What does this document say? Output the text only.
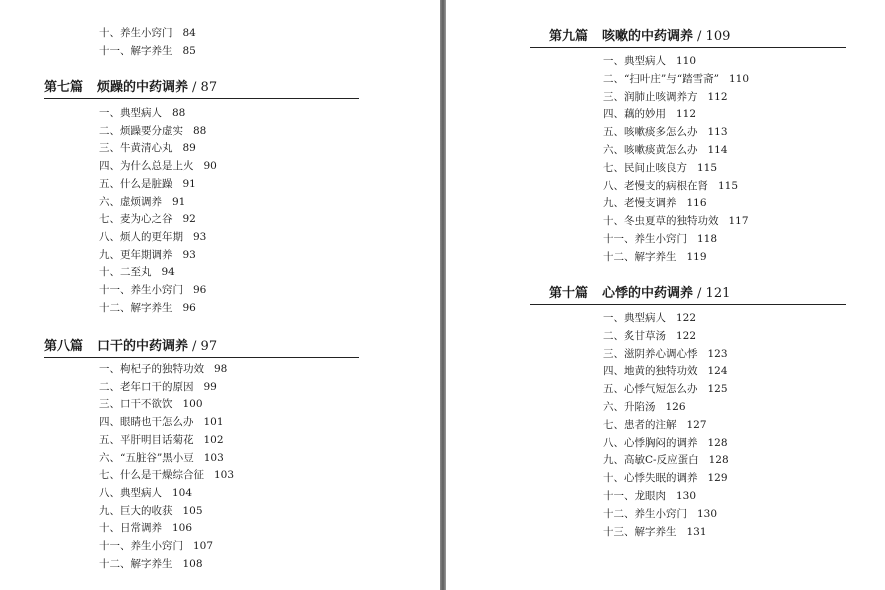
十、养生小窍门 84
十一、解字养生 85
第七篇 烦躁的中药调养 / 87
一、典型病人 88
二、烦躁要分虚实 88
三、牛黄清心丸 89
四、为什么总是上火 90
五、什么是脏躁 91
六、虚烦调养 91
七、麦为心之谷 92
八、烦人的更年期 93
九、更年期调养 93
十、二至丸 94
十一、养生小窍门 96
十二、解字养生 96
第八篇 口干的中药调养 / 97
一、枸杞子的独特功效 98
二、老年口干的原因 99
三、口干不欲饮 100
四、眼睛也干怎么办 101
五、平肝明目话菊花 102
六、“五脏谷”黑小豆 103
七、什么是干燥综合征 103
八、典型病人 104
九、巨大的收获 105
十、日常调养 106
十一、养生小窍门 107
十二、解字养生 108
第九篇 咳嗽的中药调养 / 109
一、典型病人 110
二、“扫叶庄”与“踏雪斋” 110
三、润肺止咳调养方 112
四、藕的妙用 112
五、咳嗽痰多怎么办 113
六、咳嗽痰黄怎么办 114
七、民间止咳良方 115
八、老慢支的病根在肾 115
九、老慢支调养 116
十、冬虫夏草的独特功效 117
十一、养生小窍门 118
十二、解字养生 119
第十篇 心悸的中药调养 / 121
一、典型病人 122
二、炙甘草汤 122
三、滋阴养心调心悸 123
四、地黄的独特功效 124
五、心悸气短怎么办 125
六、升陷汤 126
七、患者的注解 127
八、心悸胸闷的调养 128
九、高敏C-反应蛋白 128
十、心悸失眠的调养 129
十一、龙眼肉 130
十二、养生小窍门 130
十三、解字养生 131
